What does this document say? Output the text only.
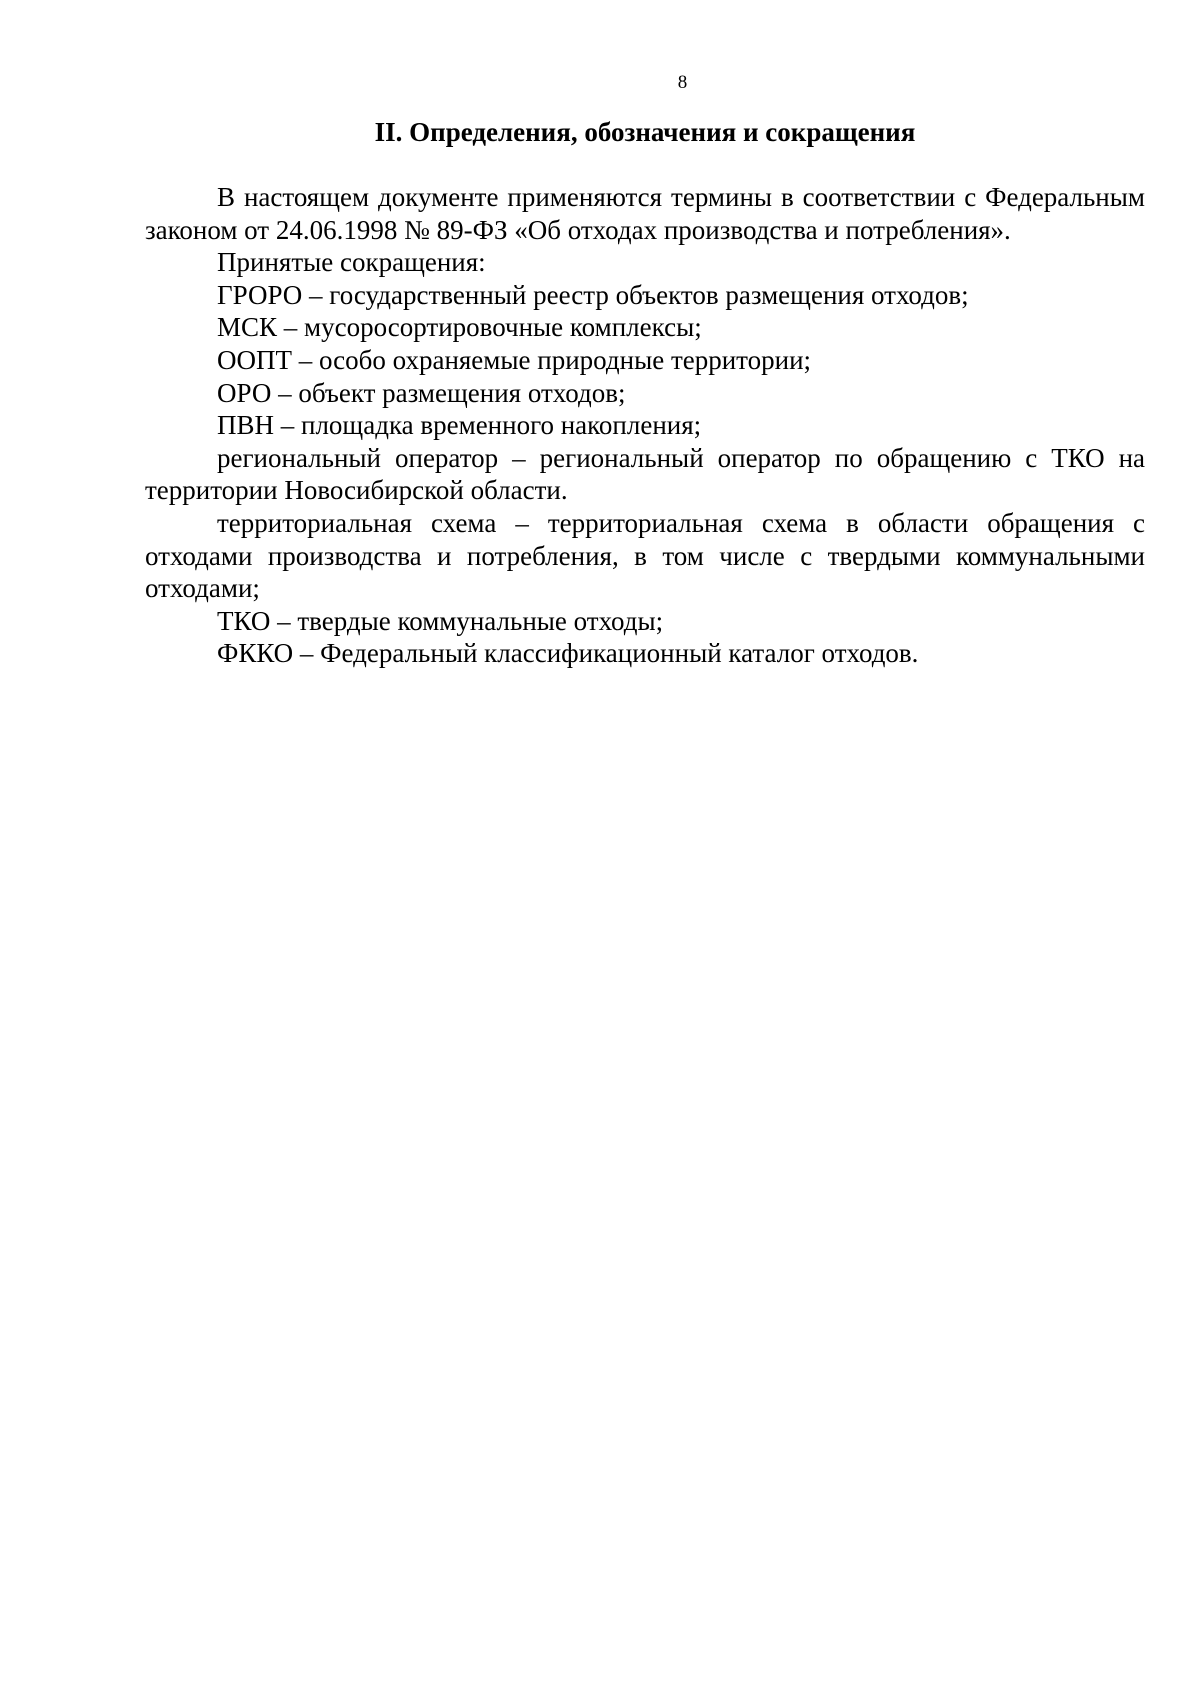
8
II. Определения, обозначения и сокращения

В настоящем документе применяются термины в соответствии с Федеральным законом от 24.06.1998 № 89-ФЗ «Об отходах производства и потребления».

Принятые сокращения:

ГРОРО – государственный реестр объектов размещения отходов;

МСК – мусоросортировочные комплексы;

ООПТ – особо охраняемые природные территории;

ОРО – объект размещения отходов;

ПВН – площадка временного накопления;

региональный оператор – региональный оператор по обращению с ТКО на территории Новосибирской области.

территориальная схема – территориальная схема в области обращения с отходами производства и потребления, в том числе с твердыми коммунальными отходами;

ТКО – твердые коммунальные отходы;

ФККО – Федеральный классификационный каталог отходов.
